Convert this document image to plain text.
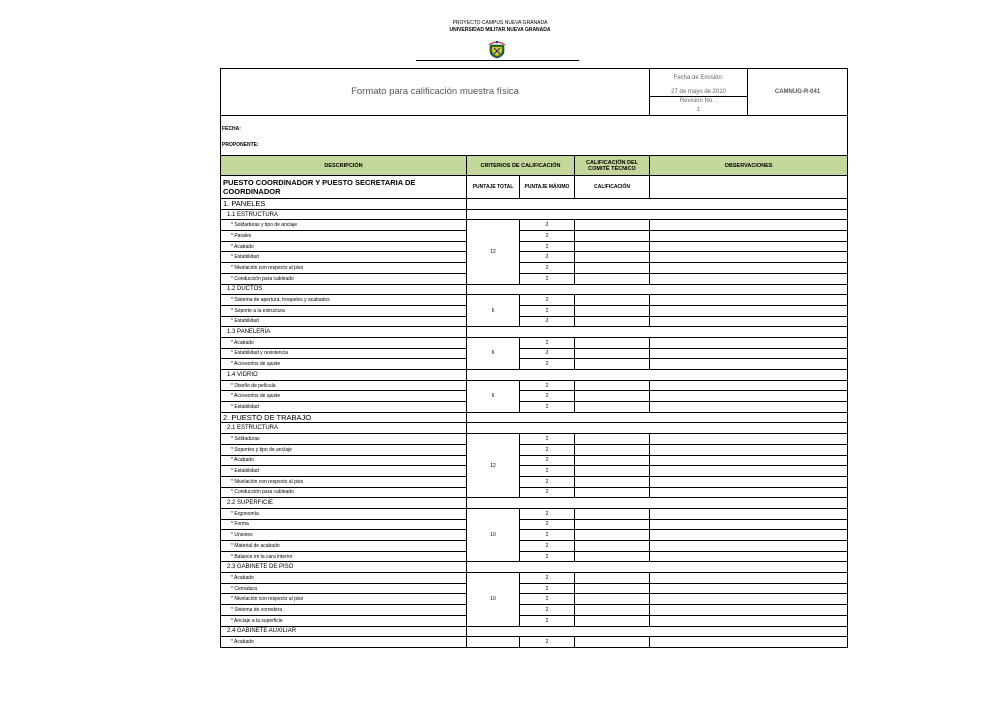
PROYECTO CAMPUS NUEVA GRANADA
UNIVERSIDAD MILITAR NUEVA GRANADA
Formato para calificación muestra física				Fecha de Emisión:	CAMNUG-R-041
				27 de mayo de 2010	
				Revisión No. :	
				1	

FECHA:
PROPONENTE:					

DESCRIPCIÓN	CRITERIOS DE CALIFICACIÓN		CALIFICACIÓN DEL COMITÉ TÉCNICO	OBSERVACIONES	
PUESTO COORDINADOR Y PUESTO SECRETARIA DE COORDINADOR	PUNTAJE TOTAL	PUNTAJE MÁXIMO	CALIFICACIÓN		
1. PANELES					
1.1 ESTRUCTURA					
* Soldaduras y tipo de anclaje	12	2			
* Parales		2			
* Acabado		2			
* Estabilidad		2			
* Nivelación con respecto al piso		2			
* Conducción para cableado		2			
1.2 DUCTOS					
* Sistema de apertura, troqueles y acabados	6	2			
* Soporte a la estructura		2			
* Estabilidad		2			
1.3 PANELERÍA					
* Acabado	6	2			
* Estabilidad y resistencia		2			
* Accesorios de ajuste		2			
1.4 VIDRIO					
* Diseño de película	6	2			
* Accesorios de ajuste		2			
* Estabilidad		2			
2. PUESTO DE TRABAJO					
2.1 ESTRUCTURA					
* Soldaduras	12	2			
* Soportes y tipo de anclaje		2			
* Acabado		2			
* Estabilidad		2			
* Nivelación con respecto al piso		2			
* Conducción para cableado		2			
2.2 SUPERFICIE					
* Ergonomía	10	2			
* Forma		2			
* Uniones		2			
* Material de acabado		2			
* Balance en la cara interior		2			
2.3 GABINETE DE PISO					
* Acabado	10	2			
* Cerradura		2			
* Nivelación con respecto al piso		2			
* Sistema de corredera		2			
* Anclaje a la superficie		2			
2.4 GABINETE AUXILIAR					
* Acabado		2			
